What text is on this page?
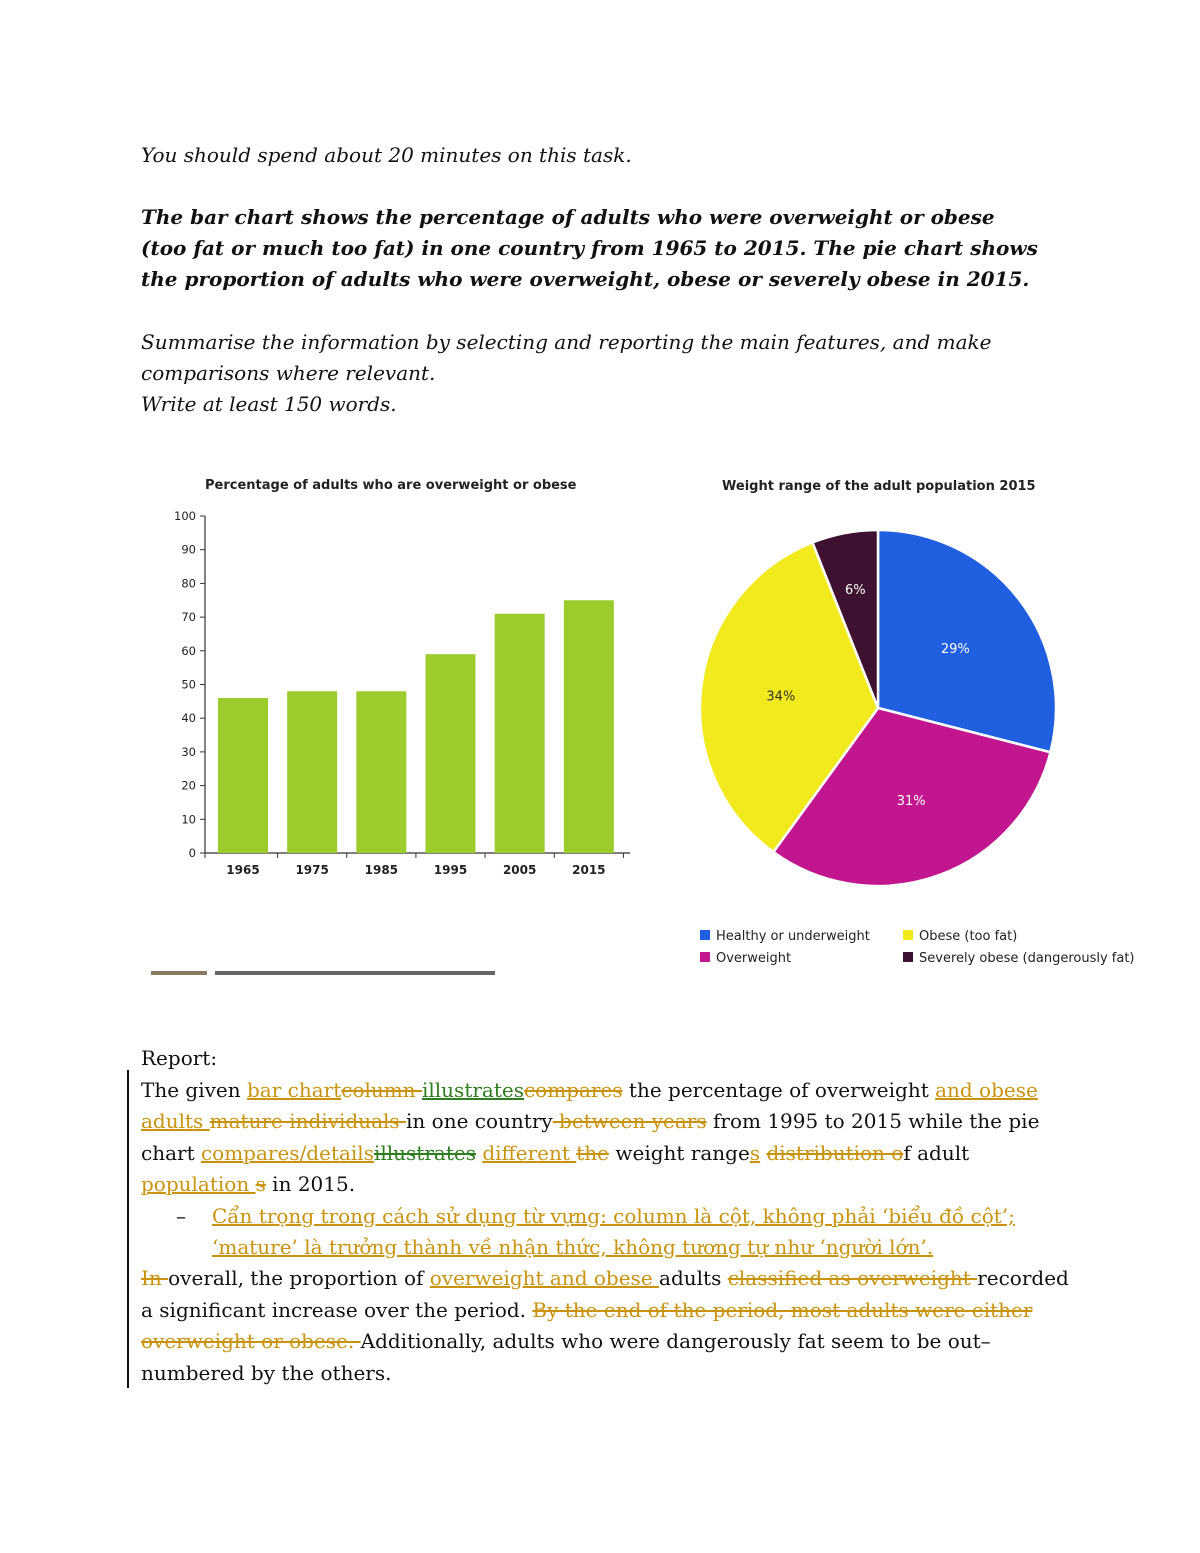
You should spend about 20 minutes on this task.

The bar chart shows the percentage of adults who were overweight or obese (too fat or much too fat) in one country from 1965 to 2015. The pie chart shows the proportion of adults who were overweight, obese or severely obese in 2015.

Summarise the information by selecting and reporting the main features, and make comparisons where relevant.

Write at least 150 words.

Percentage of adults who are overweight or obese
0
10
20
30
40
50
60
70
80
90
100
1965	1975	1985	1995	2005	2015
Weight range of the adult population 2015
29%
31%
34%
6%
Healthy or underweight	Obese (too fat)
Overweight	Severely obese (dangerously fat)

Report:

The given bar chartcolumn illustratescompares the percentage of overweight and obese adults mature individuals in one country between years from 1995 to 2015 while the pie chart compares/detailsillustrates different the weight ranges distribution of adult population s in 2015.

– Cẩn trọng trong cách sử dụng từ vựng: column là cột, không phải ‘biểu đồ cột’; ‘mature’ là trưởng thành về nhận thức, không tương tự như ‘người lớn’.

In overall, the proportion of overweight and obese adults classified as overweight recorded a significant increase over the period. By the end of the period, most adults were either overweight or obese. Additionally, adults who were dangerously fat seem to be out–numbered by the others.
